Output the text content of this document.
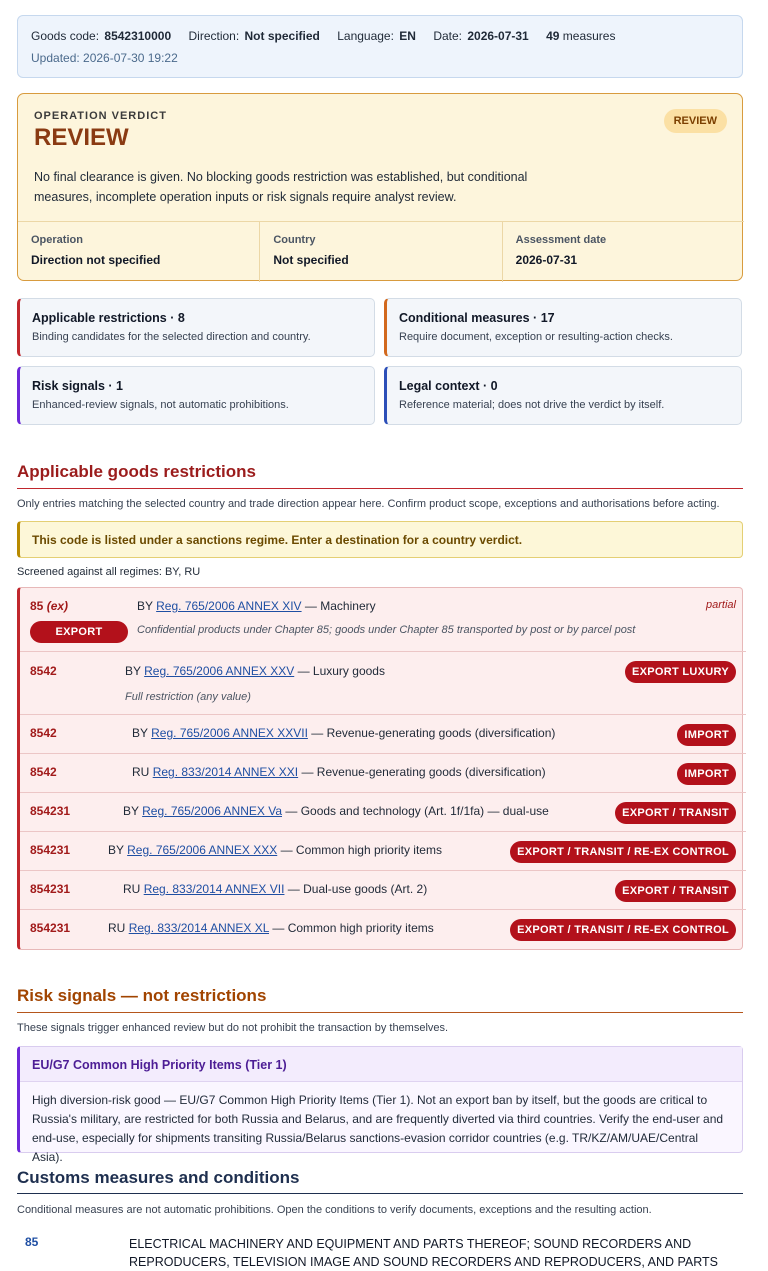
Goods code: 8542310000 Direction: Not specified Language: EN Date: 2026-07-31 49 measures
Updated: 2026-07-30 19:22
OPERATION VERDICT
REVIEW
REVIEW
No final clearance is given. No blocking goods restriction was established, but conditional measures, incomplete operation inputs or risk signals require analyst review.
Operation
Direction not specified
Country
Not specified
Assessment date
2026-07-31
Applicable restrictions · 8
Binding candidates for the selected direction and country.
Conditional measures · 17
Require document, exception or resulting-action checks.
Risk signals · 1
Enhanced-review signals, not automatic prohibitions.
Legal context · 0
Reference material; does not drive the verdict by itself.
Applicable goods restrictions
Only entries matching the selected country and trade direction appear here. Confirm product scope, exceptions and authorisations before acting.
This code is listed under a sanctions regime. Enter a destination for a country verdict.
Screened against all regimes: BY, RU
85 (ex)	BY Reg. 765/2006 ANNEX XIV — Machinery	partial
EXPORT	Confidential products under Chapter 85; goods under Chapter 85 transported by post or by parcel post
8542	BY Reg. 765/2006 ANNEX XXV — Luxury goods	EXPORT LUXURY
Full restriction (any value)
8542	BY Reg. 765/2006 ANNEX XXVII — Revenue-generating goods (diversification)	IMPORT
8542	RU Reg. 833/2014 ANNEX XXI — Revenue-generating goods (diversification)	IMPORT
854231	BY Reg. 765/2006 ANNEX Va — Goods and technology (Art. 1f/1fa) — dual-use	EXPORT / TRANSIT
854231	BY Reg. 765/2006 ANNEX XXX — Common high priority items	EXPORT / TRANSIT / RE-EX CONTROL
854231	RU Reg. 833/2014 ANNEX VII — Dual-use goods (Art. 2)	EXPORT / TRANSIT
854231	RU Reg. 833/2014 ANNEX XL — Common high priority items	EXPORT / TRANSIT / RE-EX CONTROL
Risk signals — not restrictions
These signals trigger enhanced review but do not prohibit the transaction by themselves.
EU/G7 Common High Priority Items (Tier 1)
High diversion-risk good — EU/G7 Common High Priority Items (Tier 1). Not an export ban by itself, but the goods are critical to Russia's military, are restricted for both Russia and Belarus, and are frequently diverted via third countries. Verify the end-user and end-use, especially for shipments transiting Russia/Belarus sanctions-evasion corridor countries (e.g. TR/KZ/AM/UAE/Central Asia).
Customs measures and conditions
Conditional measures are not automatic prohibitions. Open the conditions to verify documents, exceptions and the resulting action.
85	ELECTRICAL MACHINERY AND EQUIPMENT AND PARTS THEREOF; SOUND RECORDERS AND REPRODUCERS, TELEVISION IMAGE AND SOUND RECORDERS AND REPRODUCERS, AND PARTS
